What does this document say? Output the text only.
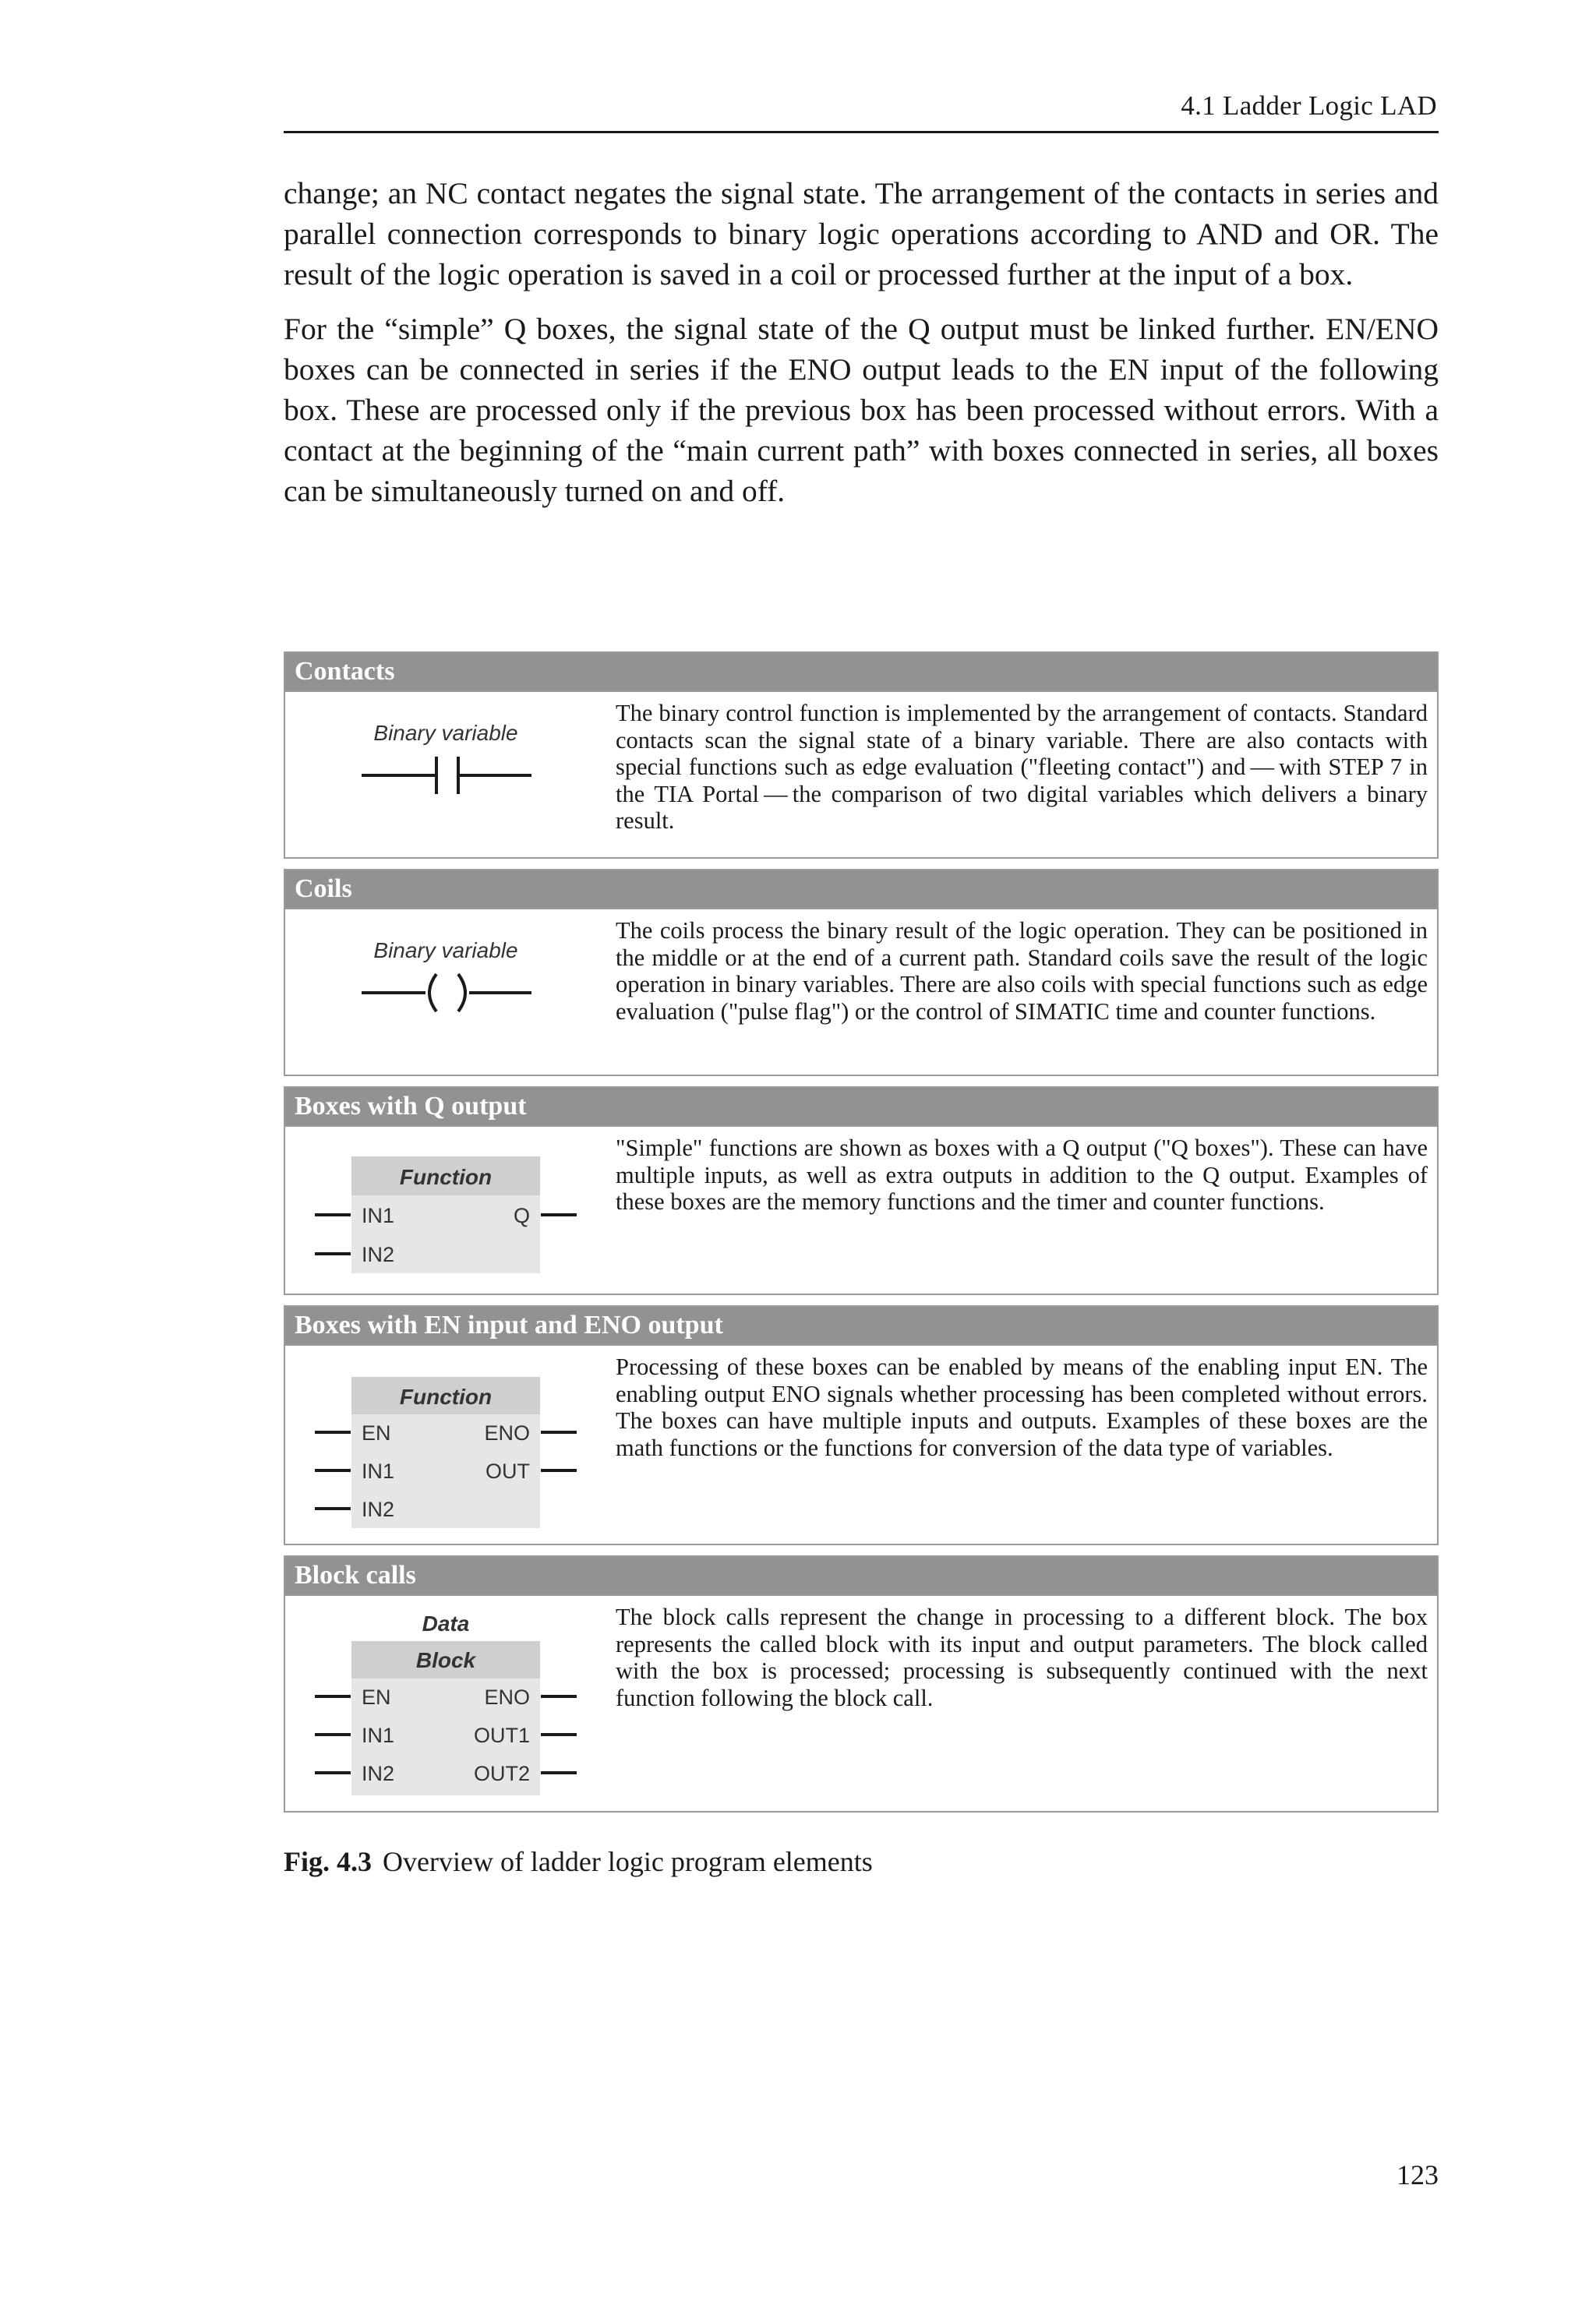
4.1 Ladder Logic LAD

change; an NC contact negates the signal state. The arrangement of the contacts in series and parallel connection corresponds to binary logic operations according to AND and OR. The result of the logic operation is saved in a coil or processed further at the input of a box.

For the “simple” Q boxes, the signal state of the Q output must be linked further. EN/ENO boxes can be connected in series if the ENO output leads to the EN input of the following box. These are processed only if the previous box has been processed without errors. With a contact at the beginning of the “main current path” with boxes connected in series, all boxes can be simultaneously turned on and off.

Contacts
Binary variable
The binary control function is implemented by the arrangement of contacts. Standard contacts scan the signal state of a binary variable. There are also contacts with special functions such as edge evaluation ("fleeting contact") and — with STEP 7 in the TIA Portal — the comparison of two digital variables which delivers a binary result.
Coils
Binary variable
The coils process the binary result of the logic operation. They can be positioned in the middle or at the end of a current path. Standard coils save the result of the logic operation in binary variables. There are also coils with special functions such as edge evaluation ("pulse flag") or the control of SIMATIC time and counter functions.
Boxes with Q output
Function
IN1
IN2
Q
"Simple" functions are shown as boxes with a Q output ("Q boxes"). These can have multiple inputs, as well as extra outputs in addition to the Q output. Examples of these boxes are the memory functions and the timer and counter functions.
Boxes with EN input and ENO output
Function
EN
IN1
IN2
ENO
OUT
Processing of these boxes can be enabled by means of the enabling input EN. The enabling output ENO signals whether processing has been completed without errors. The boxes can have multiple inputs and outputs. Examples of these boxes are the math functions or the functions for conversion of the data type of variables.
Block calls
Data
Block
EN
IN1
IN2
ENO
OUT1
OUT2
The block calls represent the change in processing to a different block. The box represents the called block with its input and output parameters. The block called with the box is processed; processing is subsequently continued with the next function following the block call.
Fig. 4.3 Overview of ladder logic program elements
123
